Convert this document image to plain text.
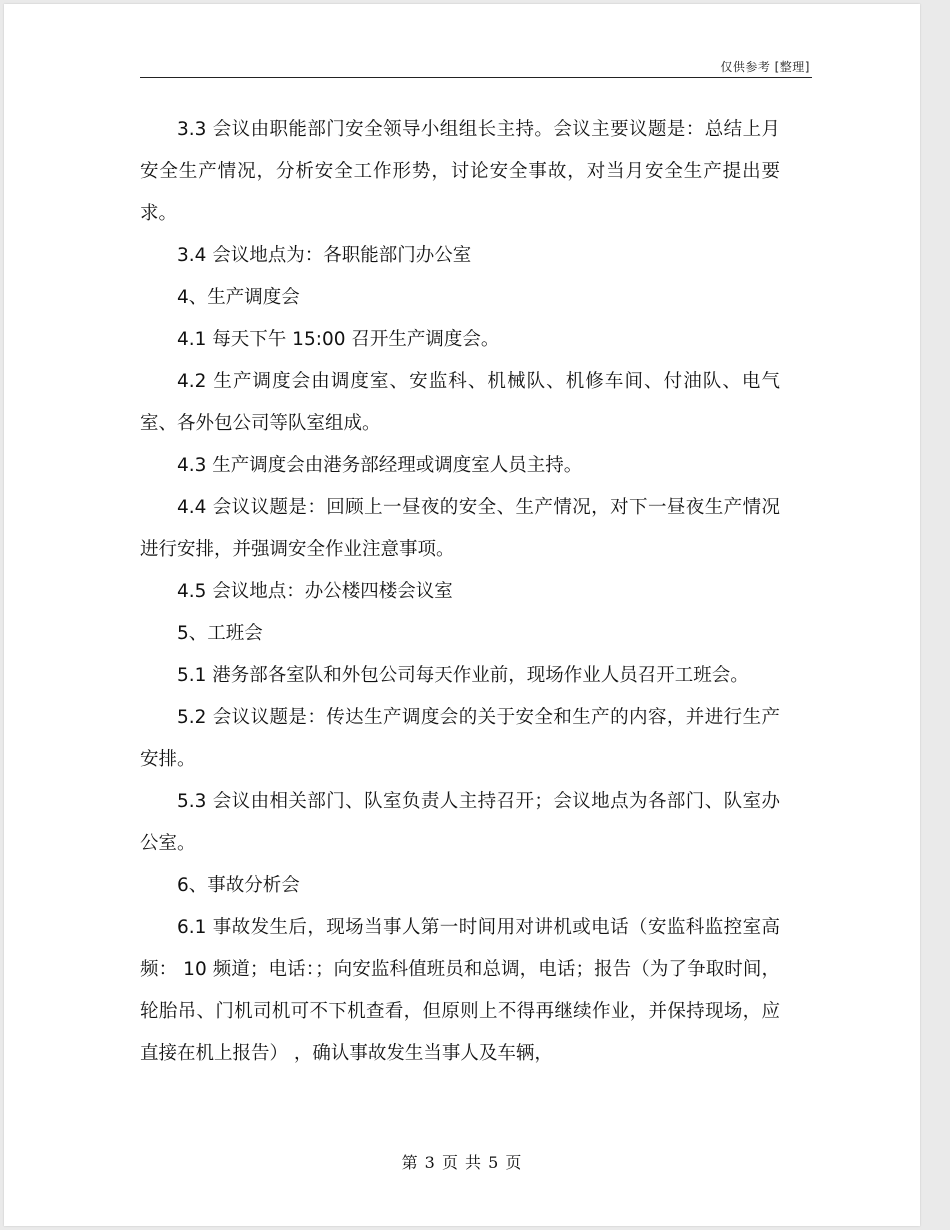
仅供参考 [整理]

3.3 会议由职能部门安全领导小组组长主持。会议主要议题是：总结上月安全生产情况，分析安全工作形势，讨论安全事故，对当月安全生产提出要求。

3.4 会议地点为：各职能部门办公室

4、生产调度会

4.1 每天下午 15:00 召开生产调度会。

4.2 生产调度会由调度室、安监科、机械队、机修车间、付油队、电气室、各外包公司等队室组成。

4.3 生产调度会由港务部经理或调度室人员主持。

4.4 会议议题是：回顾上一昼夜的安全、生产情况，对下一昼夜生产情况进行安排，并强调安全作业注意事项。

4.5 会议地点：办公楼四楼会议室

5、工班会

5.1 港务部各室队和外包公司每天作业前，现场作业人员召开工班会。

5.2 会议议题是：传达生产调度会的关于安全和生产的内容，并进行生产安排。

5.3 会议由相关部门、队室负责人主持召开；会议地点为各部门、队室办公室。

6、事故分析会

6.1 事故发生后，现场当事人第一时间用对讲机或电话（安监科监控室高频： 10 频道；电话：；向安监科值班员和总调，电话；报告（为了争取时间，轮胎吊、门机司机可不下机查看，但原则上不得再继续作业，并保持现场，应直接在机上报告） ，确认事故发生当事人及车辆，

第 3 页 共 5 页
